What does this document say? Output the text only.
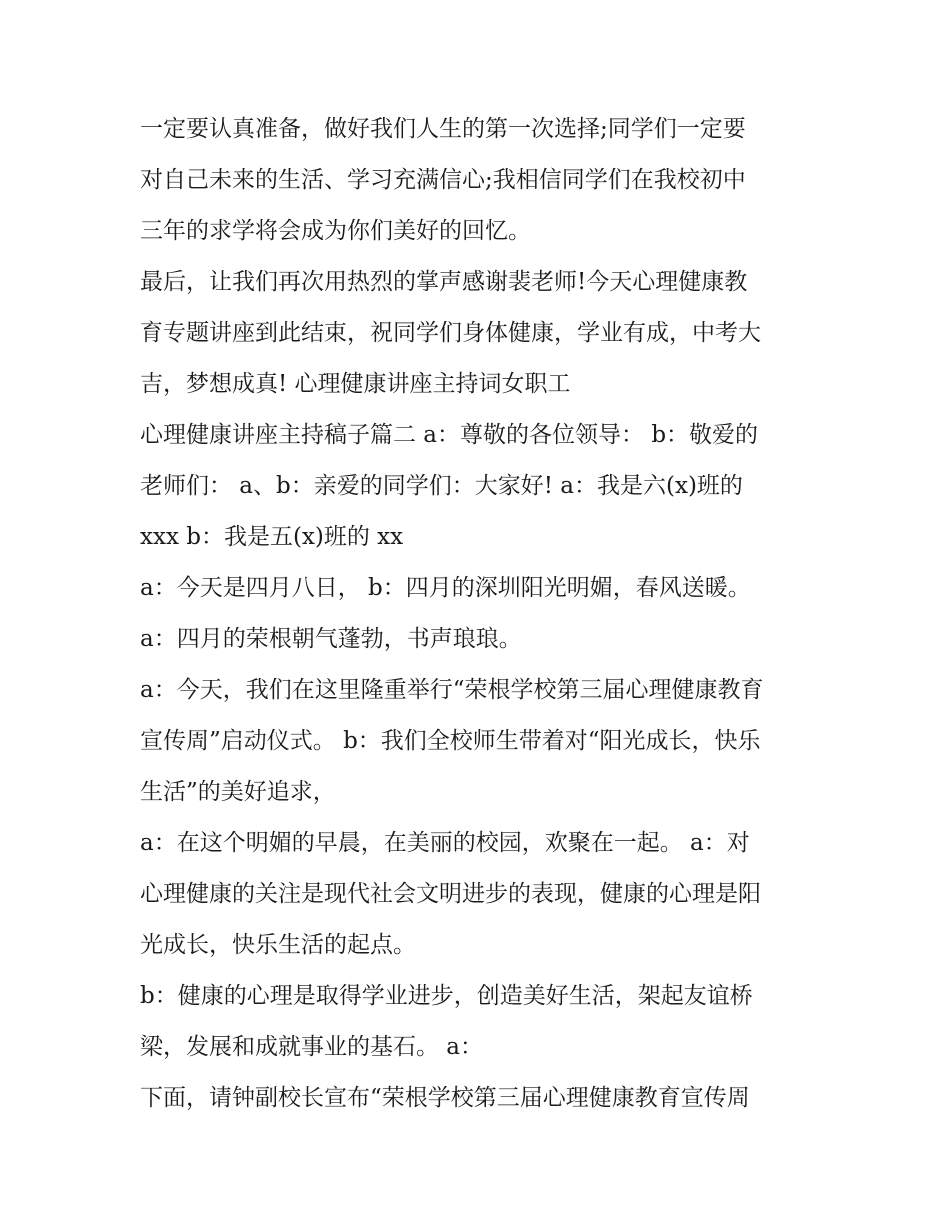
一定要认真准备，做好我们人生的第一次选择;同学们一定要
对自己未来的生活、学习充满信心;我相信同学们在我校初中
三年的求学将会成为你们美好的回忆。

最后，让我们再次用热烈的掌声感谢裴老师!今天心理健康教
育专题讲座到此结束，祝同学们身体健康，学业有成，中考大
吉，梦想成真! 心理健康讲座主持词女职工

心理健康讲座主持稿子篇二 a：尊敬的各位领导： b：敬爱的
老师们： a、b：亲爱的同学们：大家好! a：我是六(x)班的
xxx b：我是五(x)班的 xx

a：今天是四月八日， b：四月的深圳阳光明媚，春风送暖。

a：四月的荣根朝气蓬勃，书声琅琅。

a：今天，我们在这里隆重举行“荣根学校第三届心理健康教育
宣传周”启动仪式。 b：我们全校师生带着对“阳光成长，快乐
生活”的美好追求，

a：在这个明媚的早晨，在美丽的校园，欢聚在一起。 a：对
心理健康的关注是现代社会文明进步的表现，健康的心理是阳
光成长，快乐生活的起点。

b：健康的心理是取得学业进步，创造美好生活，架起友谊桥
梁，发展和成就事业的基石。 a：

下面，请钟副校长宣布“荣根学校第三届心理健康教育宣传周
